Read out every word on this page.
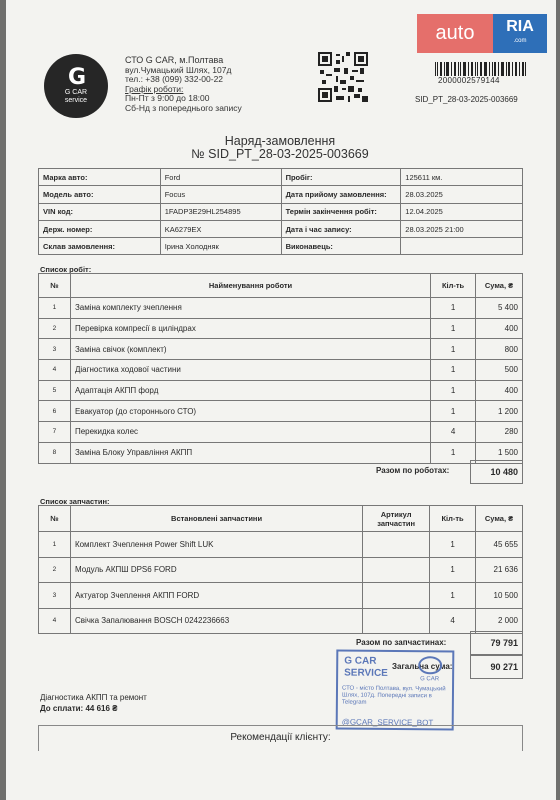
auto	RIA
.com
G
G CAR
service
СТО G CAR, м.Полтава
вул.Чумацький Шлях, 107д
тел.: +38 (099) 332-00-22
Графік роботи:
Пн-Пт з 9:00 до 18:00
Сб-Нд з попереднього запису
2000002579144
SID_PT_28-03-2025-003669
Наряд-замовлення
№ SID_PT_28-03-2025-003669
Марка авто:	Ford	Пробіг:	125611 км.
Модель авто:	Focus	Дата прийому замовлення:	28.03.2025
VIN код:	1FADP3E29HL254895	Термін закінчення робіт:	12.04.2025
Держ. номер:	KA6279EX	Дата і час запису:	28.03.2025 21:00
Склав замовлення:	Ірина Холодняк	Виконавець:	
Список робіт:
№	Найменування роботи	Кіл-ть	Сума, ₴
1	Заміна комплекту зчеплення	1	5 400
2	Перевірка компресії в циліндрах	1	400
3	Заміна свічок (комплект)	1	800
4	Діагностика ходової частини	1	500
5	Адаптація АКПП форд	1	400
6	Евакуатор (до стороннього СТО)	1	1 200
7	Перекидка колес	4	280
8	Заміна Блоку Управління АКПП	1	1 500
Разом по роботах:	10 480
Список запчастин:
№	Встановлені запчастини	Артикул
запчастин	Кіл-ть	Сума, ₴
1	Комплект Зчеплення Power Shift LUK		1	45 655
2	Модуль АКПШ DPS6 FORD		1	21 636
3	Актуатор Зчеплення АКПП FORD		1	10 500
4	Свічка Запалювання BOSCH 0242236663		4	2 000
Разом по запчастинах:	79 791
Загальна сума:	90 271
G CAR
SERVICE
G CAR
СТО - місто Полтава, вул. Чумацький Шлях, 107д. Попередні записи в Telegram
@GCAR_SERVICE_BOT
Діагностика АКПП та ремонт
До сплати: 44 616 ₴
Рекомендації клієнту:
